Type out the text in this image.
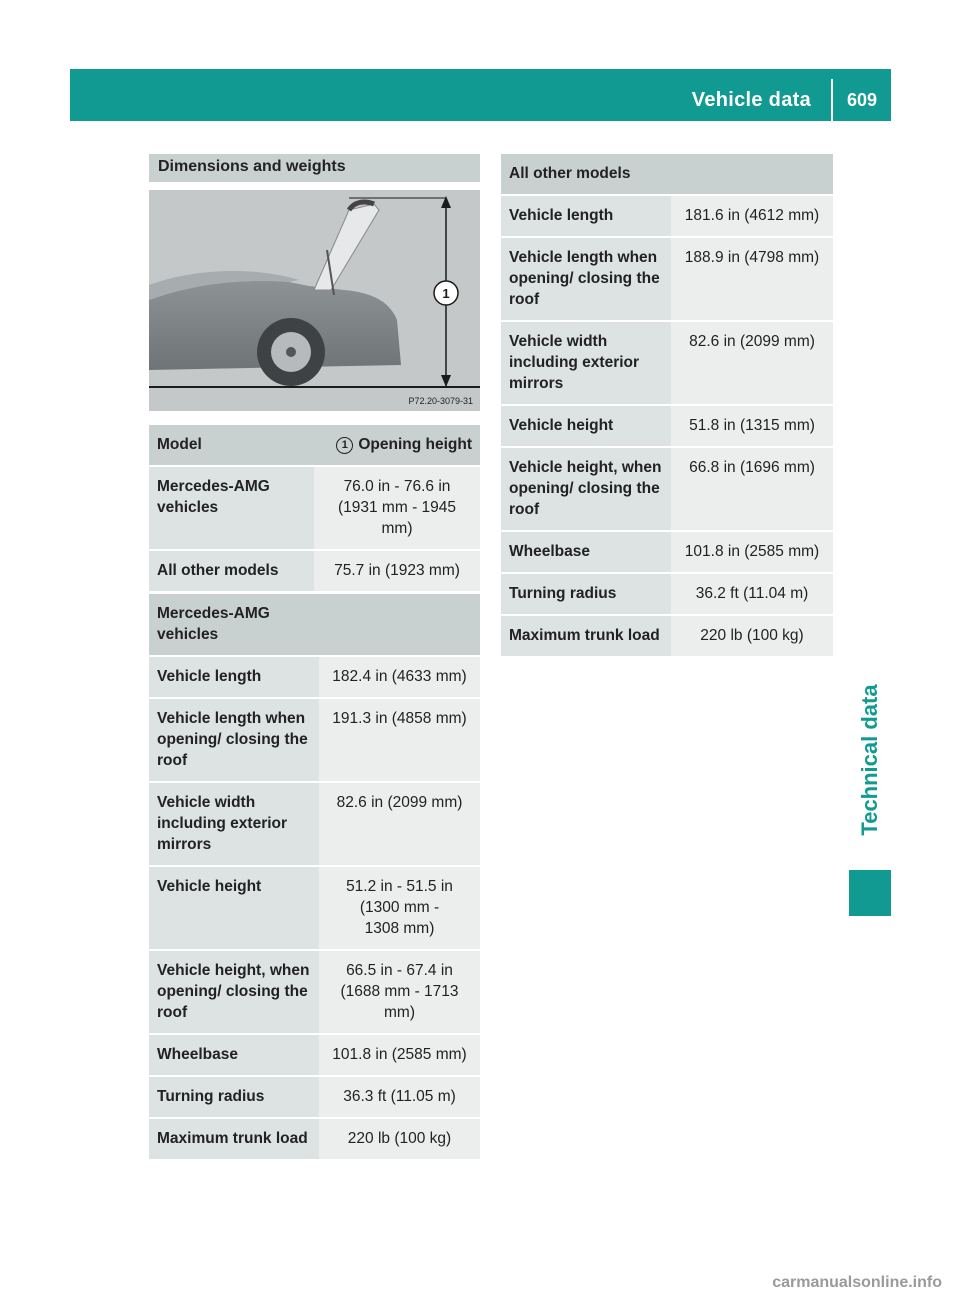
Vehicle data	609
Technical data
Dimensions and weights
1
P72.20-3079-31
Model	1 Opening height
Mercedes-AMG vehicles	76.0 in - 76.6 in (1931 mm - 1945 mm)
All other models	75.7 in (1923 mm)
Mercedes-AMG vehicles	
Vehicle length	182.4 in (4633 mm)
Vehicle length when opening/ closing the roof	191.3 in (4858 mm)
Vehicle width including exterior mirrors	82.6 in (2099 mm)
Vehicle height	51.2 in - 51.5 in (1300 mm - 1308 mm)
Vehicle height, when opening/ closing the roof	66.5 in - 67.4 in (1688 mm - 1713 mm)
Wheelbase	101.8 in (2585 mm)
Turning radius	36.3 ft (11.05 m)
Maximum trunk load	220 lb (100 kg)
All other models	
Vehicle length	181.6 in (4612 mm)
Vehicle length when opening/ closing the roof	188.9 in (4798 mm)
Vehicle width including exterior mirrors	82.6 in (2099 mm)
Vehicle height	51.8 in (1315 mm)
Vehicle height, when opening/ closing the roof	66.8 in (1696 mm)
Wheelbase	101.8 in (2585 mm)
Turning radius	36.2 ft (11.04 m)
Maximum trunk load	220 lb (100 kg)
carmanualsonline.info
